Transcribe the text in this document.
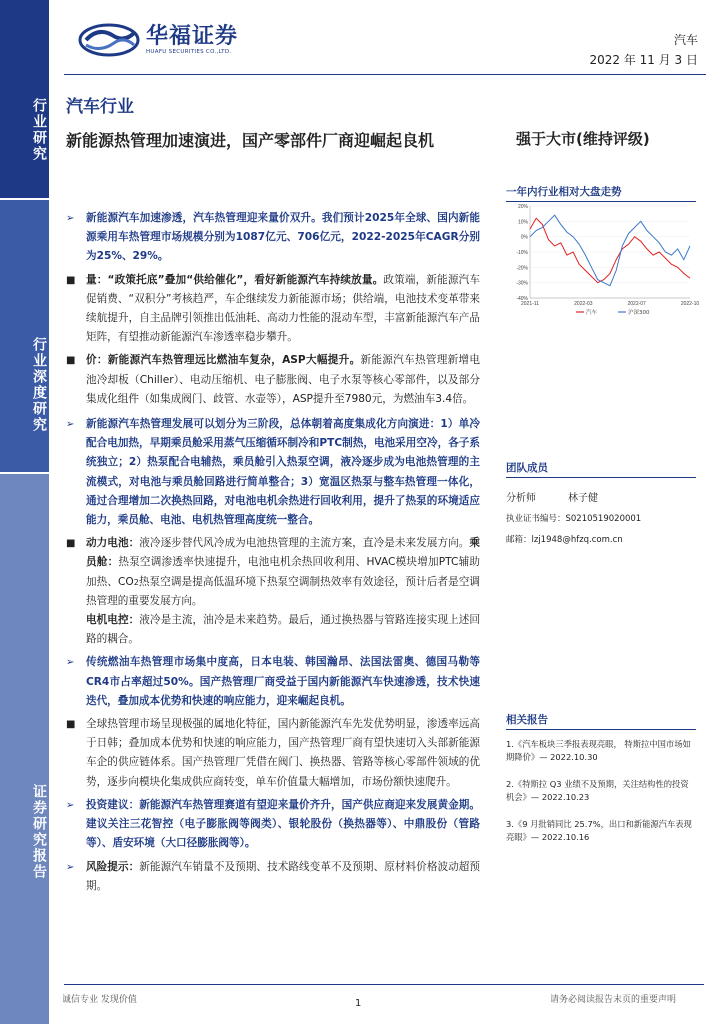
行业研究
行业深度研究
证券研究报告
华福证券
HUAFU SECURITIES CO.,LTD.
汽车
2022 年 11 月 3 日
汽车行业
新能源热管理加速演进，国产零部件厂商迎崛起良机	强于大市(维持评级)
➢ 新能源汽车加速渗透，汽车热管理迎来量价双升。我们预计2025年全球、国内新能源乘用车热管理市场规模分别为1087亿元、706亿元，2022-2025年CAGR分别为25%、29%。
■ 量：“政策托底”叠加“供给催化”，看好新能源汽车持续放量。政策端，新能源汽车促销费、“双积分”考核趋严，车企继续发力新能源市场；供给端，电池技术变革带来续航提升，自主品牌引领推出低油耗、高动力性能的混动车型，丰富新能源汽车产品矩阵，有望推动新能源汽车渗透率稳步攀升。
■ 价：新能源汽车热管理远比燃油车复杂，ASP大幅提升。新能源汽车热管理新增电池冷却板（Chiller）、电动压缩机、电子膨胀阀、电子水泵等核心零部件，以及部分集成化组件（如集成阀门、歧管、水壶等），ASP提升至7980元，为燃油车3.4倍。
➢ 新能源汽车热管理发展可以划分为三阶段，总体朝着高度集成化方向演进：1）单冷配合电加热，早期乘员舱采用蒸气压缩循环制冷和PTC制热，电池采用空冷，各子系统独立；2）热泵配合电辅热，乘员舱引入热泵空调，液冷逐步成为电池热管理的主流模式，对电池与乘员舱回路进行简单整合；3）宽温区热泵与整车热管理一体化，通过合理增加二次换热回路，对电池电机余热进行回收利用，提升了热泵的环境适应能力，乘员舱、电池、电机热管理高度统一整合。
■ 动力电池：液冷逐步替代风冷成为电池热管理的主流方案，直冷是未来发展方向。乘员舱：热泵空调渗透率快速提升，电池电机余热回收利用、HVAC模块增加PTC辅助加热、CO2热泵空调是提高低温环境下热泵空调制热效率有效途径，预计后者是空调热管理的重要发展方向。
电机电控：液冷是主流，油冷是未来趋势。最后，通过换热器与管路连接实现上述回路的耦合。
➢ 传统燃油车热管理市场集中度高，日本电装、韩国瀚昂、法国法雷奥、德国马勒等CR4市占率超过50%。国产热管理厂商受益于国内新能源汽车快速渗透，技术快速迭代，叠加成本优势和快速的响应能力，迎来崛起良机。
■ 全球热管理市场呈现极强的属地化特征，国内新能源汽车先发优势明显，渗透率远高于日韩；叠加成本优势和快速的响应能力，国产热管理厂商有望快速切入头部新能源车企的供应链体系。国产热管理厂凭借在阀门、换热器、管路等核心零部件领域的优势，逐步向模块化集成供应商转变，单车价值量大幅增加，市场份额快速爬升。
➢ 投资建议：新能源汽车热管理赛道有望迎来量价齐升，国产供应商迎来发展黄金期。建议关注三花智控（电子膨胀阀等阀类）、银轮股份（换热器等）、中鼎股份（管路等）、盾安环境（大口径膨胀阀等）。
➢ 风险提示：新能源汽车销量不及预期、技术路线变革不及预期、原材料价格波动超预期。
一年内行业相对大盘走势
20%
10%
0%
-10%
-20%
-30%
-40%
2021-11	2022-03	2022-07	2022-10
汽车	沪深300
团队成员
分析师	林子健
执业证书编号：S0210519020001
邮箱：lzj1948@hfzq.com.cn
相关报告
1.《汽车板块三季报表现亮眼， 特斯拉中国市场如期降价》— 2022.10.30
2.《特斯拉 Q3 业绩不及预期，关注结构性的投资机会》— 2022.10.23
3.《9 月批销同比 25.7%，出口和新能源汽车表现亮眼》— 2022.10.16
诚信专业 发现价值	1	请务必阅读报告末页的重要声明
